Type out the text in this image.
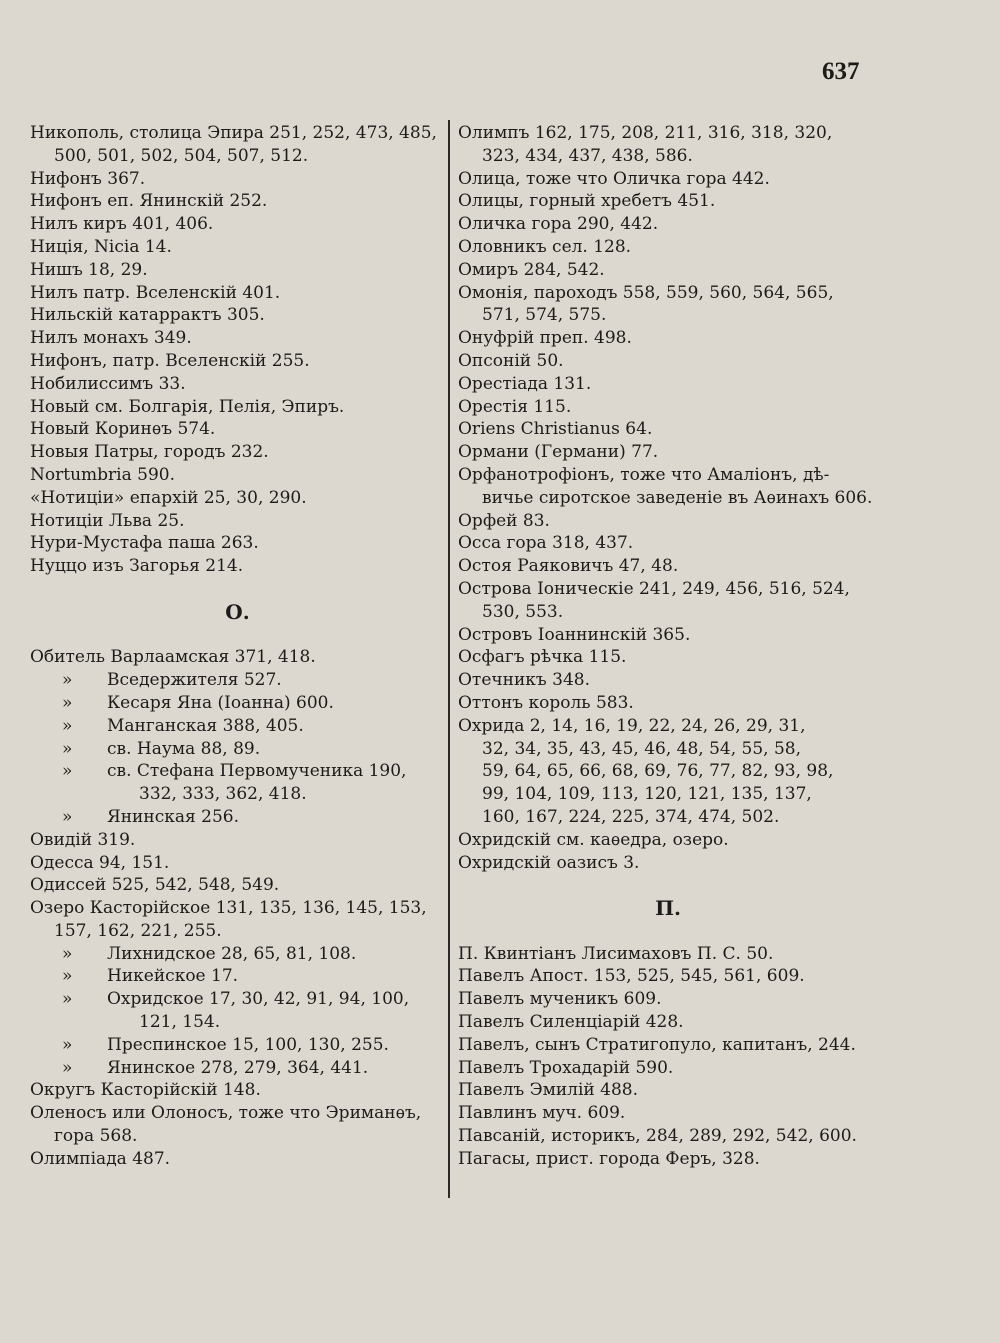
637
Никополь, столица Эпира 251, 252, 473, 485,
500, 501, 502, 504, 507, 512.
Нифонъ 367.
Нифонъ еп. Янинскій 252.
Нилъ киръ 401, 406.
Ниція, Nicia 14.
Нишъ 18, 29.
Нилъ патр. Вселенскій 401.
Нильскій катаррактъ 305.
Нилъ монахъ 349.
Нифонъ, патр. Вселенскій 255.
Нобилиссимъ 33.
Новый см. Болгарія, Пелія, Эпиръ.
Новый Коринѳъ 574.
Новыя Патры, городъ 232.
Nortumbria 590.
«Нотиціи» епархій 25, 30, 290.
Нотиціи Льва 25.
Нури-Мустафа паша 263.
Нуццо изъ Загорья 214.
О.
Обитель Варлаамская 371, 418.
» Вседержителя 527.
» Кесаря Яна (Іоанна) 600.
» Манганская 388, 405.
» св. Наума 88, 89.
» св. Стефана Первомученика 190,
332, 333, 362, 418.
» Янинская 256.
Овидій 319.
Одесса 94, 151.
Одиссей 525, 542, 548, 549.
Озеро Касторійское 131, 135, 136, 145, 153,
157, 162, 221, 255.
» Лихнидское 28, 65, 81, 108.
» Никейское 17.
» Охридское 17, 30, 42, 91, 94, 100,
121, 154.
» Преспинское 15, 100, 130, 255.
» Янинское 278, 279, 364, 441.
Округъ Касторійскій 148.
Оленосъ или Олоносъ, тоже что Эриманѳъ,
гора 568.
Олимпіада 487.
Олимпъ 162, 175, 208, 211, 316, 318, 320,
323, 434, 437, 438, 586.
Олица, тоже что Оличка гора 442.
Олицы, горный хребетъ 451.
Оличка гора 290, 442.
Оловникъ сел. 128.
Омиръ 284, 542.
Омонія, пароходъ 558, 559, 560, 564, 565,
571, 574, 575.
Онуфрій преп. 498.
Опсоній 50.
Орестіада 131.
Орестія 115.
Oriens Christianus 64.
Ормани (Германи) 77.
Орфанотрофіонъ, тоже что Амаліонъ, дѣ-
вичье сиротское заведеніе въ Аѳинахъ 606.
Орфей 83.
Осса гора 318, 437.
Остоя Раяковичъ 47, 48.
Острова Іоническіе 241, 249, 456, 516, 524,
530, 553.
Островъ Іоаннинскій 365.
Осфагъ рѣчка 115.
Отечникъ 348.
Оттонъ король 583.
Охрида 2, 14, 16, 19, 22, 24, 26, 29, 31,
32, 34, 35, 43, 45, 46, 48, 54, 55, 58,
59, 64, 65, 66, 68, 69, 76, 77, 82, 93, 98,
99, 104, 109, 113, 120, 121, 135, 137,
160, 167, 224, 225, 374, 474, 502.
Охридскій см. каѳедра, озеро.
Охридскій оазисъ 3.
П.
П. Квинтіанъ Лисимаховъ П. С. 50.
Павелъ Апост. 153, 525, 545, 561, 609.
Павелъ мученикъ 609.
Павелъ Силенціарій 428.
Павелъ, сынъ Стратигопуло, капитанъ, 244.
Павелъ Трохадарій 590.
Павелъ Эмилій 488.
Павлинъ муч. 609.
Павсаній, историкъ, 284, 289, 292, 542, 600.
Пагасы, прист. города Феръ, 328.
